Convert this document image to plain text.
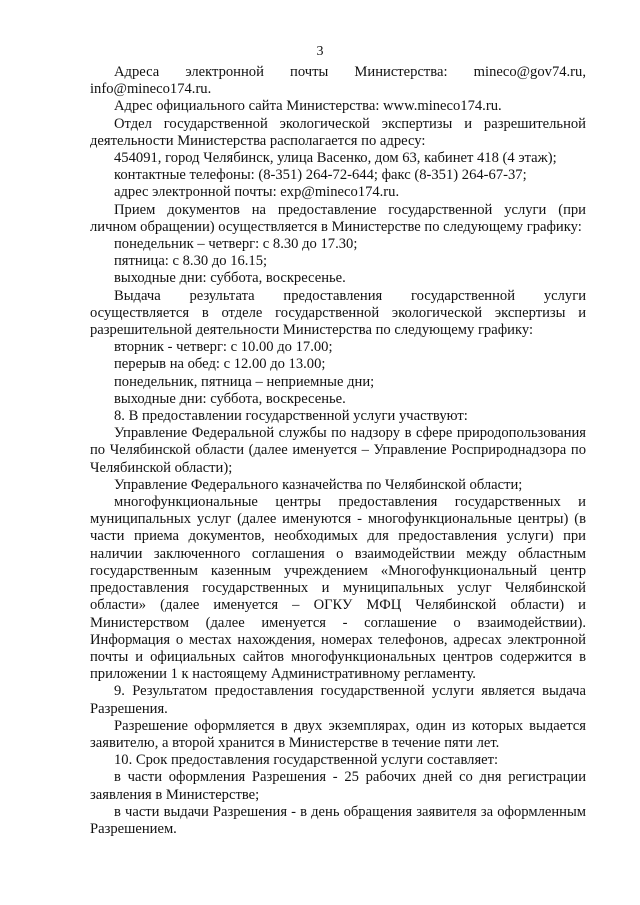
3

Адреса электронной почты Министерства: mineco@gov74.ru, info@mineco174.ru.

Адрес официального сайта Министерства: www.mineco174.ru.

Отдел государственной экологической экспертизы и разрешительной деятельности Министерства располагается по адресу:

454091, город Челябинск, улица Васенко, дом 63, кабинет 418 (4 этаж);

контактные телефоны: (8-351) 264-72-644; факс (8-351) 264-67-37;

адрес электронной почты: exp@mineco174.ru.

Прием документов на предоставление государственной услуги (при личном обращении) осуществляется в Министерстве по следующему графику:

понедельник – четверг: с 8.30 до 17.30;

пятница: с 8.30 до 16.15;

выходные дни: суббота, воскресенье.

Выдача результата предоставления государственной услуги осуществляется в отделе государственной экологической экспертизы и разрешительной деятельности Министерства по следующему графику:

вторник - четверг: с 10.00 до 17.00;

перерыв на обед: с 12.00 до 13.00;

понедельник, пятница – неприемные дни;

выходные дни: суббота, воскресенье.

8. В предоставлении государственной услуги участвуют:

Управление Федеральной службы по надзору в сфере природопользования по Челябинской области (далее именуется – Управление Росприроднадзора по Челябинской области);

Управление Федерального казначейства по Челябинской области;

многофункциональные центры предоставления государственных и муниципальных услуг (далее именуются - многофункциональные центры) (в части приема документов, необходимых для предоставления услуги) при наличии заключенного соглашения о взаимодействии между областным государственным казенным учреждением «Многофункциональный центр предоставления государственных и муниципальных услуг Челябинской области» (далее именуется – ОГКУ МФЦ Челябинской области) и Министерством (далее именуется - соглашение о взаимодействии). Информация о местах нахождения, номерах телефонов, адресах электронной почты и официальных сайтов многофункциональных центров содержится в приложении 1 к настоящему Административному регламенту.

9. Результатом предоставления государственной услуги является выдача Разрешения.

Разрешение оформляется в двух экземплярах, один из которых выдается заявителю, а второй хранится в Министерстве в течение пяти лет.

10. Срок предоставления государственной услуги составляет:

в части оформления Разрешения - 25 рабочих дней со дня регистрации заявления в Министерстве;

в части выдачи Разрешения - в день обращения заявителя за оформленным Разрешением.
